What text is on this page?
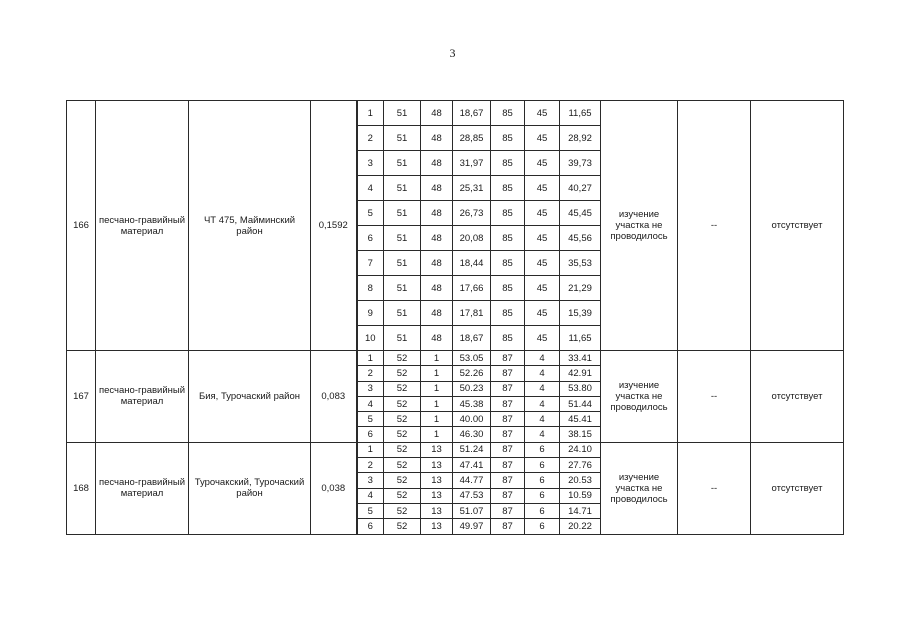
3
166	песчано-гравийный материал	ЧТ 475, Майминский район	0,1592	1	51	48	18,67	85	45	11,65	изучение участка не проводилось	--	отсутствует
				2	51	48	28,85	85	45	28,92			
				3	51	48	31,97	85	45	39,73			
				4	51	48	25,31	85	45	40,27			
				5	51	48	26,73	85	45	45,45			
				6	51	48	20,08	85	45	45,56			
				7	51	48	18,44	85	45	35,53			
				8	51	48	17,66	85	45	21,29			
				9	51	48	17,81	85	45	15,39			
				10	51	48	18,67	85	45	11,65			
167	песчано-гравийный материал	Бия, Турочаский район	0,083	1	52	1	53.05	87	4	33.41	изучение участка не проводилось	--	отсутствует
				2	52	1	52.26	87	4	42.91			
				3	52	1	50.23	87	4	53.80			
				4	52	1	45.38	87	4	51.44			
				5	52	1	40.00	87	4	45.41			
				6	52	1	46.30	87	4	38.15			
168	песчано-гравийный материал	Турочакский, Турочаский район	0,038	1	52	13	51.24	87	6	24.10	изучение участка не проводилось	--	отсутствует
				2	52	13	47.41	87	6	27.76			
				3	52	13	44.77	87	6	20.53			
				4	52	13	47.53	87	6	10.59			
				5	52	13	51.07	87	6	14.71			
				6	52	13	49.97	87	6	20.22			
